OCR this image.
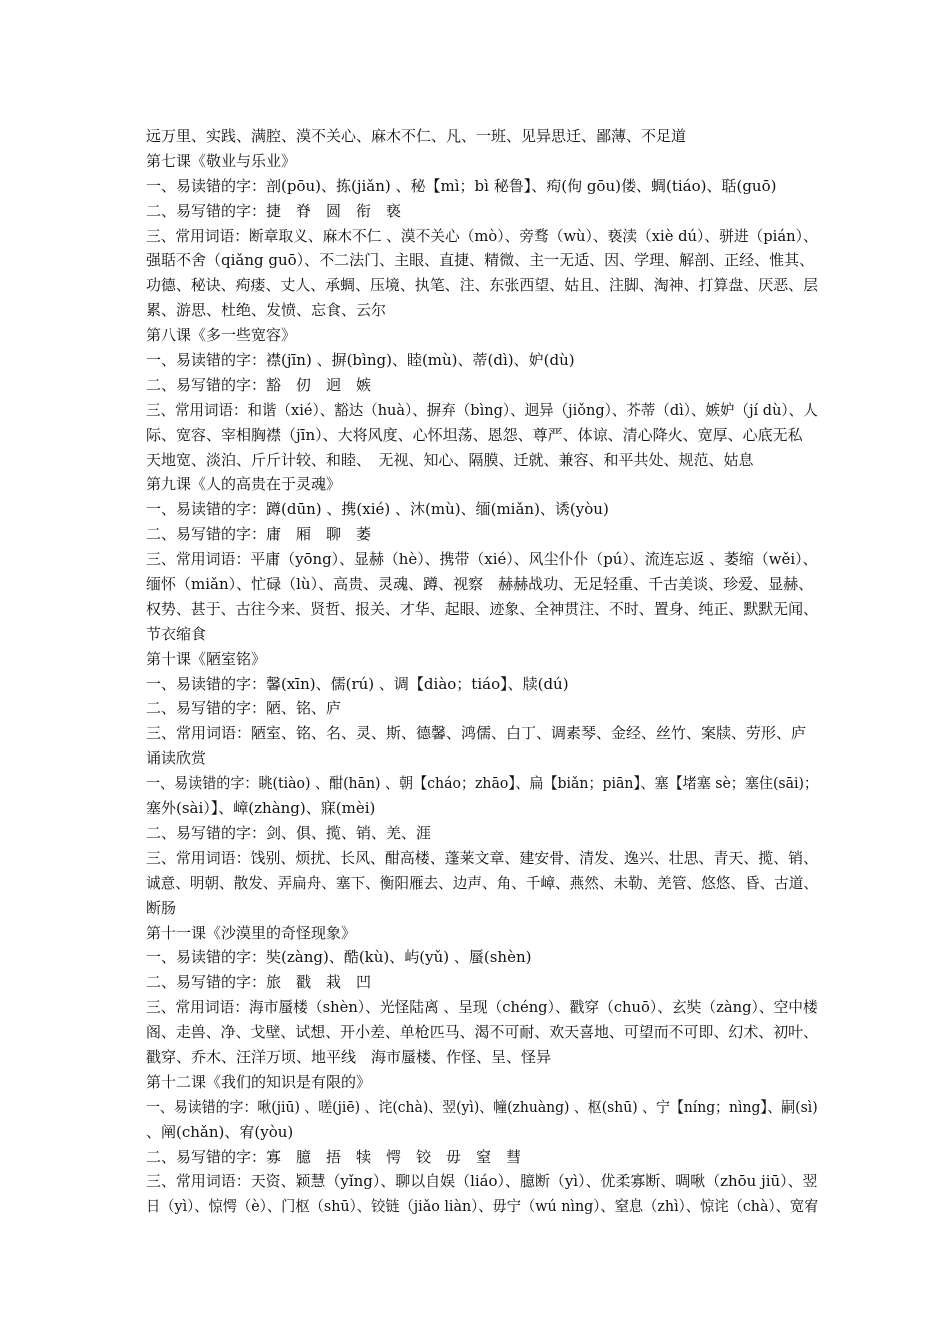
远万里、实践、满腔、漠不关心、麻木不仁、凡、一班、见异思迁、鄙薄、不足道
第七课《敬业与乐业》
一、易读错的字：剖(pōu)、拣(jiǎn) 、秘【mì；bì 秘鲁】、痀(佝 gōu)偻、蜩(tiáo)、聒(guō)
二、易写错的字：捷　脊　圆　衔　亵
三、常用词语：断章取义、麻木不仁 、漠不关心（mò）、旁骛（wù）、亵渎（xiè dú）、骈进（pián）、
强聒不舍（qiǎng guō）、不二法门、主眼、直捷、精微、主一无适、因、学理、解剖、正经、惟其、
功德、秘诀、痀瘘、丈人、承蜩、压境、执笔、注、东张西望、姑且、注脚、淘神、打算盘、厌恶、层
累、游思、杜绝、发愤、忘食、云尔
第八课《多一些宽容》
一、易读错的字：襟(jīn) 、摒(bìng)、睦(mù)、蒂(dì)、妒(dù)
二、易写错的字：豁　仞　迥　嫉
三、常用词语：和谐（xié）、豁达（huà）、摒弃（bìng）、迥异（jiǒng）、芥蒂（dì）、嫉妒（jí dù）、人
际、宽容、宰相胸襟（jīn）、大将风度、心怀坦荡、恩怨、尊严、体谅、清心降火、宽厚、心底无私
天地宽、淡泊、斤斤计较、和睦、　无视、知心、隔膜、迁就、兼容、和平共处、规范、姑息
第九课《人的高贵在于灵魂》
一、易读错的字：蹲(dūn) 、携(xié) 、沐(mù)、缅(miǎn)、诱(yòu)
二、易写错的字：庸　厢　聊　萎
三、常用词语：平庸（yōng）、显赫（hè）、携带（xié）、风尘仆仆（pú）、流连忘返 、萎缩（wěi）、
缅怀（miǎn）、忙碌（lù）、高贵、灵魂、蹲、视察　赫赫战功、无足轻重、千古美谈、珍爱、显赫、
权势、甚于、古往今来、贤哲、报关、才华、起眼、迹象、全神贯注、不时、置身、纯正、默默无闻、
节衣缩食
第十课《陋室铭》
一、易读错的字：馨(xīn)、儒(rú) 、调【diào；tiáo】、牍(dú)
二、易写错的字：陋、铭、庐
三、常用词语：陋室、铭、名、灵、斯、德馨、鸿儒、白丁、调素琴、金经、丝竹、案牍、劳形、庐
诵读欣赏
一、易读错的字：眺(tiào) 、酣(hān) 、朝【cháo；zhāo】、扁【biǎn；piān】、塞【堵塞 sè；塞住(sāi)；
塞外(sài）】、嶂(zhàng)、寐(mèi)
二、易写错的字：剑、俱、揽、销、羌、涯
三、常用词语：饯别、烦扰、长风、酣高楼、蓬莱文章、建安骨、清发、逸兴、壮思、青天、揽、销、
诚意、明朝、散发、弄扁舟、塞下、衡阳雁去、边声、角、千嶂、燕然、未勒、羌管、悠悠、昏、古道、
断肠
第十一课《沙漠里的奇怪现象》
一、易读错的字：奘(zàng)、酷(kù)、屿(yǔ) 、蜃(shèn)
二、易写错的字：旅　戳　栽　凹
三、常用词语：海市蜃楼（shèn）、光怪陆离 、呈现（chéng）、戳穿（chuō）、玄奘（zàng）、空中楼
阁、走兽、净、戈壁、试想、开小差、单枪匹马、渴不可耐、欢天喜地、可望而不可即、幻术、初叶、
戳穿、乔木、汪洋万顷、地平线　海市蜃楼、作怪、呈、怪异
第十二课《我们的知识是有限的》
一、易读错的字：啾(jiū) 、嗟(jiē) 、诧(chà)、翌(yì)、幢(zhuàng) 、枢(shū) 、宁【níng；nìng】、嗣(sì)
、阐(chǎn)、宥(yòu)
二、易写错的字：寡　臆　捂　犊　愕　铰　毋　窒　彗
三、常用词语：天资、颖慧（yǐng）、聊以自娱（liáo）、臆断（yì）、优柔寡断、啁啾（zhōu jiū）、翌
日（yì）、惊愕（è）、门枢（shū）、铰链（jiǎo liàn）、毋宁（wú nìng）、窒息（zhì）、惊诧（chà）、宽宥
